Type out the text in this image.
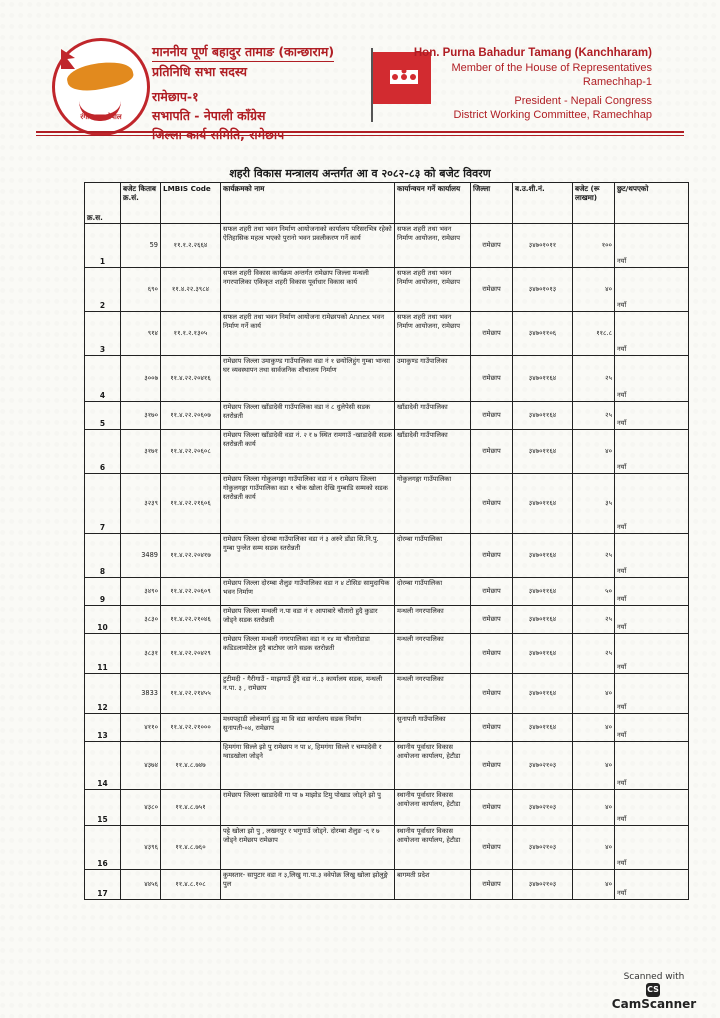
रंगीन सङ्घ,नेपाल
माननीय पूर्ण बहादुर तामाङ (कान्छाराम)
प्रतिनिधि सभा सदस्य
रामेछाप-१
सभापति - नेपाली काँग्रेस
Hon. Purna Bahadur Tamang (Kanchharam)
Member of the House of Representatives
Ramechhap-1
President - Nepali Congress
District Working Committee, Ramechhap
शहरी विकास मन्त्रालय अन्तर्गत आ व २०८२-८३ को बजेट विवरण
क्र.स.	बजेट किताब क्र.सं.	LMBIS Code	कार्यक्रमको नाम	कार्यान्वयन गर्ने कार्यालय	जिल्ला	ब.उ.शी.नं.	बजेट (रू लाखमा)	छुट/थपएको
1	59	११.१.२.२६६४	सफल शहरी तथा भवन निर्माण आयोजनाको कार्यालय परिसरभित्र रहेको ऐतिहासिक महत्व भएको पुरानो भवन प्रवलीकरण गर्ने कार्य	सफल शहरी तथा भवन निर्माण आयोजना, रामेछाप	रामेछाप	३४७०१०११	१००	नयाँ
2	६९०	११.४.२२.३९८४	सफल शहरी विकास कार्यक्रम अन्तर्गत रामेछाप जिल्ला मन्थली नगरपालिका एकिकृत शहरी विकास पूर्वाधार विकास कार्य	सफल शहरी तथा भवन निर्माण आयोजना, रामेछाप	रामेछाप	३४७०१०१३	४०	नयाँ
3	९१४	११.१.२.१३०५	सफल शहरी तथा भवन निर्माण आयोजना रामेछापको Annex भवन निर्माण गर्ने कार्य	सफल शहरी तथा भवन निर्माण आयोजना, रामेछाप	रामेछाप	३४७०११०६	११८.८	नयाँ
4	३००७	११.४.२२.२०४१६	रामेछाप जिल्ला उमाकुण्ड गाउँपालिका वडा नं १ छयोलिहुंग गुम्बा भान्सा घर व्यवस्थापन तथा सार्वजनिक शौचालय निर्माण	उमाकुण्ड गाउँपालिका	रामेछाप	३४७०११६४	२५	नयाँ
5	३१७०	११.४.२२.२०६०७	रामेछाप जिल्ला खाँडादेवी गाउँपालिका वडा नं ८ धुलेपेसी सडक स्तरोन्नती	खाँडादेवी गाउँपालिका	रामेछाप	३४७०११६४	२५	नयाँ
6	३१७१	११.४.२२.२०६०८	रामेछाप जिल्ला खाँडादेवी वडा नं. २ र ७ स्थित रामगाउँ -खाडादेवी सडक स्तरोन्नती कार्य	खाँडादेवी गाउँपालिका	रामेछाप	३४७०११६४	४०	नयाँ
7	३२३९	११.४.२२.२१६०६	रामेछाप जिल्ला गोकुलगङ्गा गाउँपालिका वडा नं १ रामेछाप जिल्ला गोकुलगङ्गा गाउँपालिका वडा १ चोक खोला देखि गुम्बाडि सम्मको सडक स्तरोन्नती कार्य	गोकुलगङ्गा गाउँपालिका	रामेछाप	३४७०११६४	३५	नयाँ
8	3489	११.४.२२.२०४१७	रामेछाप जिल्ला दोरम्बा गाउँपालिका वडा नं ३ अरुरे डाँडा सि.नि.पु. गुम्बा पुन्लेत सम्म सडक स्तरोन्नती	दोरम्बा गाउँपालिका	रामेछाप	३४७०११६४	२५	नयाँ
9	३४९०	११.४.२२.२०६०९	रामेछाप जिल्ला दोरम्बा शैलुङ गाउँपालिका वडा न ४ टोसिङ सामुदायिक भवन निर्माण	दोरम्बा गाउँपालिका	रामेछाप	३४७०११६४	५०	नयाँ
10	३८३०	११.४.२२.२१०४६	रामेछाप जिल्ला मन्थली न.पा वडा नं १ आपाबारे चौतारो हुदै कुडार जोड्ने सडक स्तरोन्नती	मन्थली नगरपालिका	रामेछाप	३४७०११६४	२५	नयाँ
11	३८३१	११.४.२२.२०४२९	रामेछाप जिल्ला मन्थली नगरपालिका वडा न १४ मा चौतारोडाडा कडिडलामोटेल हुदै बाटोघर जाने सडक स्तरोन्नती	मन्थली नगरपालिका	रामेछाप	३४७०११६४	२५	नयाँ
12	3833	११.४.२२.२१४५५	टुटीमदी - गैरीगाउँ - माझगाउँ हुँदै वडा नं..३ कार्यालय सडक, मन्थली न.पा. ३ , रामेछाप	मन्थली नगरपालिका	रामेछाप	३४७०११६४	४०	नयाँ
13	४११०	११.४.२२.२१०००	मध्यपहाडी लोकमार्ग हुडु मा वि वडा कार्यालय सडक निर्माण सुनापती-०४, रामेछाप	सुनापती गाउँपालिका	रामेछाप	३४७०११६४	४०	नयाँ
14	४३७४	११.४.८.७४७	हिमगंगा सिल्ले झो पु रामेछाप न पा ४, हिमगंगा सिल्ले र चम्पादेवी र ग्वाडखोला जोड्ने	स्थानीय पूर्वाधार विकास आयोजना कार्यालय, हेटौडा	रामेछाप	३४७०२१०३	४०	नयाँ
15	४३८०	११.४.८.७५१	रामेछाप जिल्ला खाडादेवी गा पा ७ माझोड टिमु पोखाड जोड्ने झो पु	स्थानीय पूर्वाधार विकास आयोजना कार्यालय, हेटौडा	रामेछाप	३४७०२१०३	४०	नयाँ
16	४३९६	११.४.८.७६०	पट्टे खोला झो पु , लखनपुर र भगुगाउँ जोड्ने. दोरम्बा शैलुङ -६ र ७ जोड्ने रामेछाप रामेछाप	स्थानीय पूर्वाधार विकास आयोजना कार्यालय, हेटौडा	रामेछाप	३४७०२१०३	४०	नयाँ
17	४४५६	११.४.८.१०८	कुमस्तार- सापुटार वडा न ३,लिखु गा.पा.३ ववेपोक्र लिखु खोला झोलुङ्गे पुल	बागमती प्रदेश	रामेछाप	३४७०२१०३	४०	नयाँ
Scanned with
CSCamScanner
